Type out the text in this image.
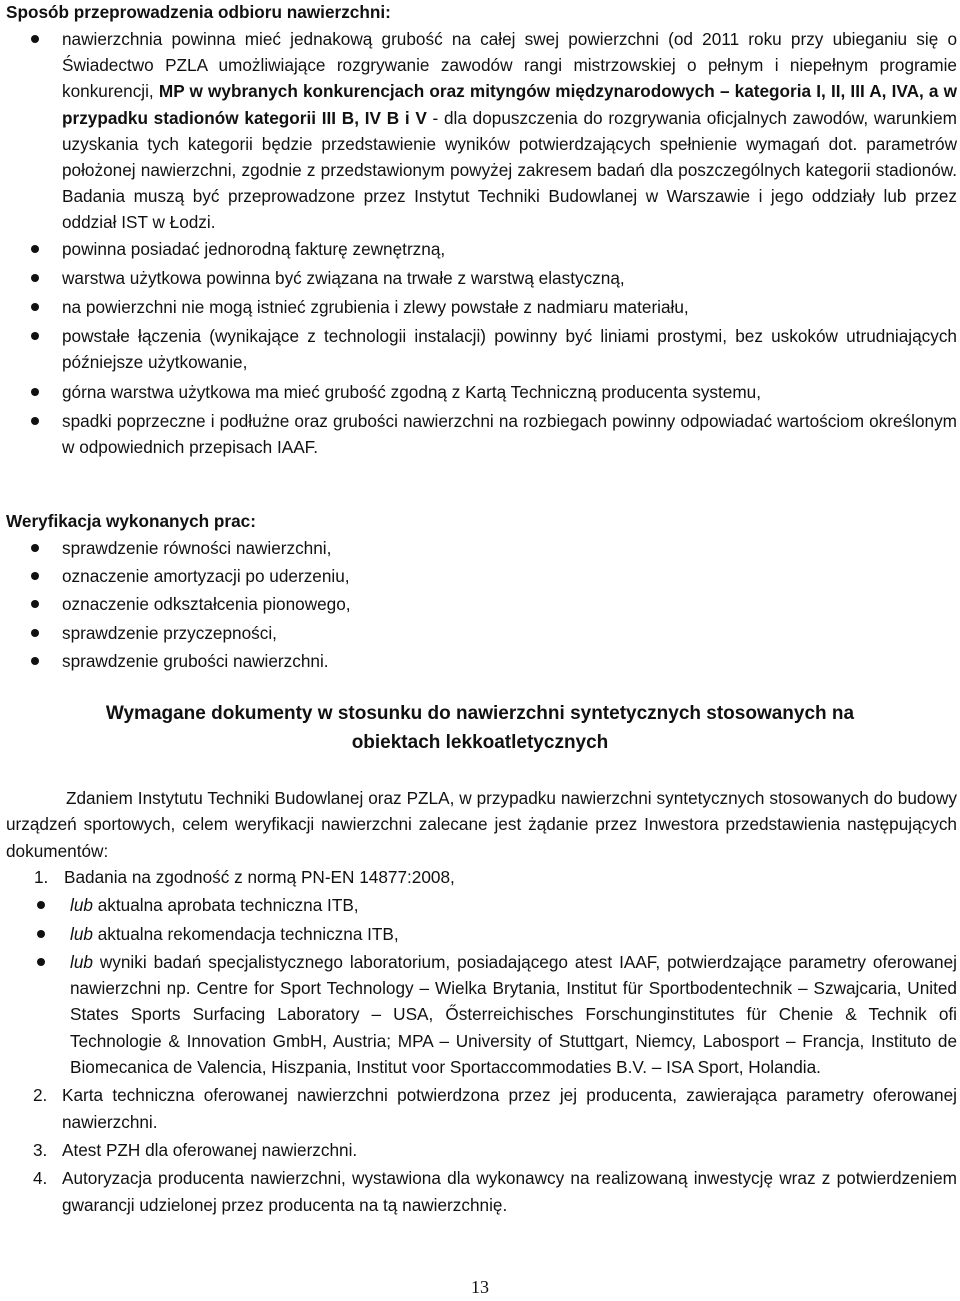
Sposób przeprowadzenia odbioru nawierzchni:

nawierzchnia powinna mieć jednakową grubość na całej swej powierzchni (od 2011 roku przy ubieganiu się o Świadectwo PZLA umożliwiające rozgrywanie zawodów rangi mistrzowskiej o pełnym i niepełnym programie konkurencji, MP w wybranych konkurencjach oraz mityngów międzynarodowych – kategoria I, II, III A, IVA, a w przypadku stadionów kategorii III B, IV B i V - dla dopuszczenia do rozgrywania oficjalnych zawodów, warunkiem uzyskania tych kategorii będzie przedstawienie wyników potwierdzających spełnienie wymagań dot. parametrów położonej nawierzchni, zgodnie z przedstawionym powyżej zakresem badań dla poszczególnych kategorii stadionów. Badania muszą być przeprowadzone przez Instytut Techniki Budowlanej w Warszawie i jego oddziały lub przez oddział IST w Łodzi.
powinna posiadać jednorodną fakturę zewnętrzną,
warstwa użytkowa powinna być związana na trwałe z warstwą elastyczną,
na powierzchni nie mogą istnieć zgrubienia i zlewy powstałe z nadmiaru materiału,
powstałe łączenia (wynikające z technologii instalacji) powinny być liniami prostymi, bez uskoków utrudniających późniejsze użytkowanie,
górna warstwa użytkowa ma mieć grubość zgodną z Kartą Techniczną producenta systemu,
spadki poprzeczne i podłużne oraz grubości nawierzchni na rozbiegach powinny odpowiadać wartościom określonym w odpowiednich przepisach IAAF.

Weryfikacja wykonanych prac:

sprawdzenie równości nawierzchni,
oznaczenie amortyzacji po uderzeniu,
oznaczenie odkształcenia pionowego,
sprawdzenie przyczepności,
sprawdzenie grubości nawierzchni.

Wymagane dokumenty w stosunku do nawierzchni syntetycznych stosowanych na

obiektach lekkoatletycznych

Zdaniem Instytutu Techniki Budowlanej oraz PZLA, w przypadku nawierzchni syntetycznych stosowanych do budowy urządzeń sportowych, celem weryfikacji nawierzchni zalecane jest żądanie przez Inwestora przedstawienia następujących dokumentów:

1. Badania na zgodność z normą PN-EN 14877:2008,
lub aktualna aprobata techniczna ITB,
lub aktualna rekomendacja techniczna ITB,
lub wyniki badań specjalistycznego laboratorium, posiadającego atest IAAF, potwierdzające parametry oferowanej nawierzchni np. Centre for Sport Technology – Wielka Brytania, Institut für Sportbodentechnik – Szwajcaria, United States Sports Surfacing Laboratory – USA, Ősterreichisches Forschunginstitutes für Chenie & Technik ofi Technologie & Innovation GmbH, Austria; MPA – University of Stuttgart, Niemcy, Labosport – Francja, Instituto de Biomecanica de Valencia, Hiszpania, Institut voor Sportaccommodaties B.V. – ISA Sport, Holandia.
2. Karta techniczna oferowanej nawierzchni potwierdzona przez jej producenta, zawierająca parametry oferowanej nawierzchni.
3. Atest PZH dla oferowanej nawierzchni.
4. Autoryzacja producenta nawierzchni, wystawiona dla wykonawcy na realizowaną inwestycję wraz z potwierdzeniem gwarancji udzielonej przez producenta na tą nawierzchnię.
13
